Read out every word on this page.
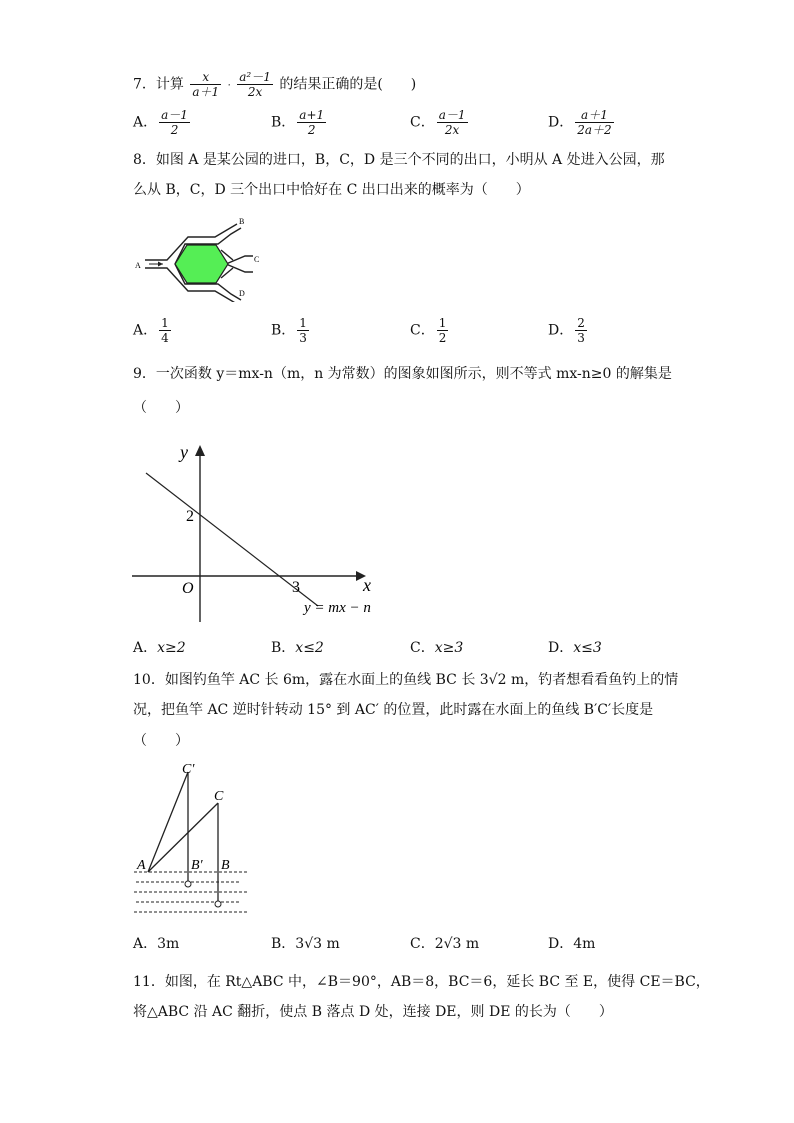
7．计算 $\frac{x}{a+1} \cdot \frac{\text{a²－1}}{2x}$ 的结果正确的是(　　)
A． $\frac{a-1}{2}$	B． $\frac{a+1}{2}$	C． $\frac{a-1}{2x}$	D． $\frac{a+1}{2a+2}$
8．如图 A 是某公园的进口，B，C，D 是三个不同的出口，小明从 A 处进入公园，那
么从 B，C，D 三个出口中恰好在 C 出口出来的概率为（　　）
A
B
C
D
A． $\frac{1}{4}$	B． $\frac{1}{3}$	C． $\frac{1}{2}$	D． $\frac{2}{3}$
9．一次函数 y＝mx-n（m，n 为常数）的图象如图所示，则不等式 mx-n≥0 的解集是
（　　）
y
x
O
2
3
y = mx − n
A．x≥2	B．x≤2	C．x≥3	D．x≤3
10．如图钓鱼竿 AC 长 6m，露在水面上的鱼线 BC 长 3√2 m，钓者想看看鱼钓上的情
况，把鱼竿 AC 逆时针转动 15° 到 AC′ 的位置，此时露在水面上的鱼线 B′C′长度是
（　　）
A	B′ B
C
C′
A．3m	B．3√3 m	C．2√3 m	D．4m
11．如图，在 Rt△ABC 中，∠B＝90°，AB＝8，BC＝6，延长 BC 至 E，使得 CE＝BC，
将△ABC 沿 AC 翻折，使点 B 落点 D 处，连接 DE，则 DE 的长为（　　）
